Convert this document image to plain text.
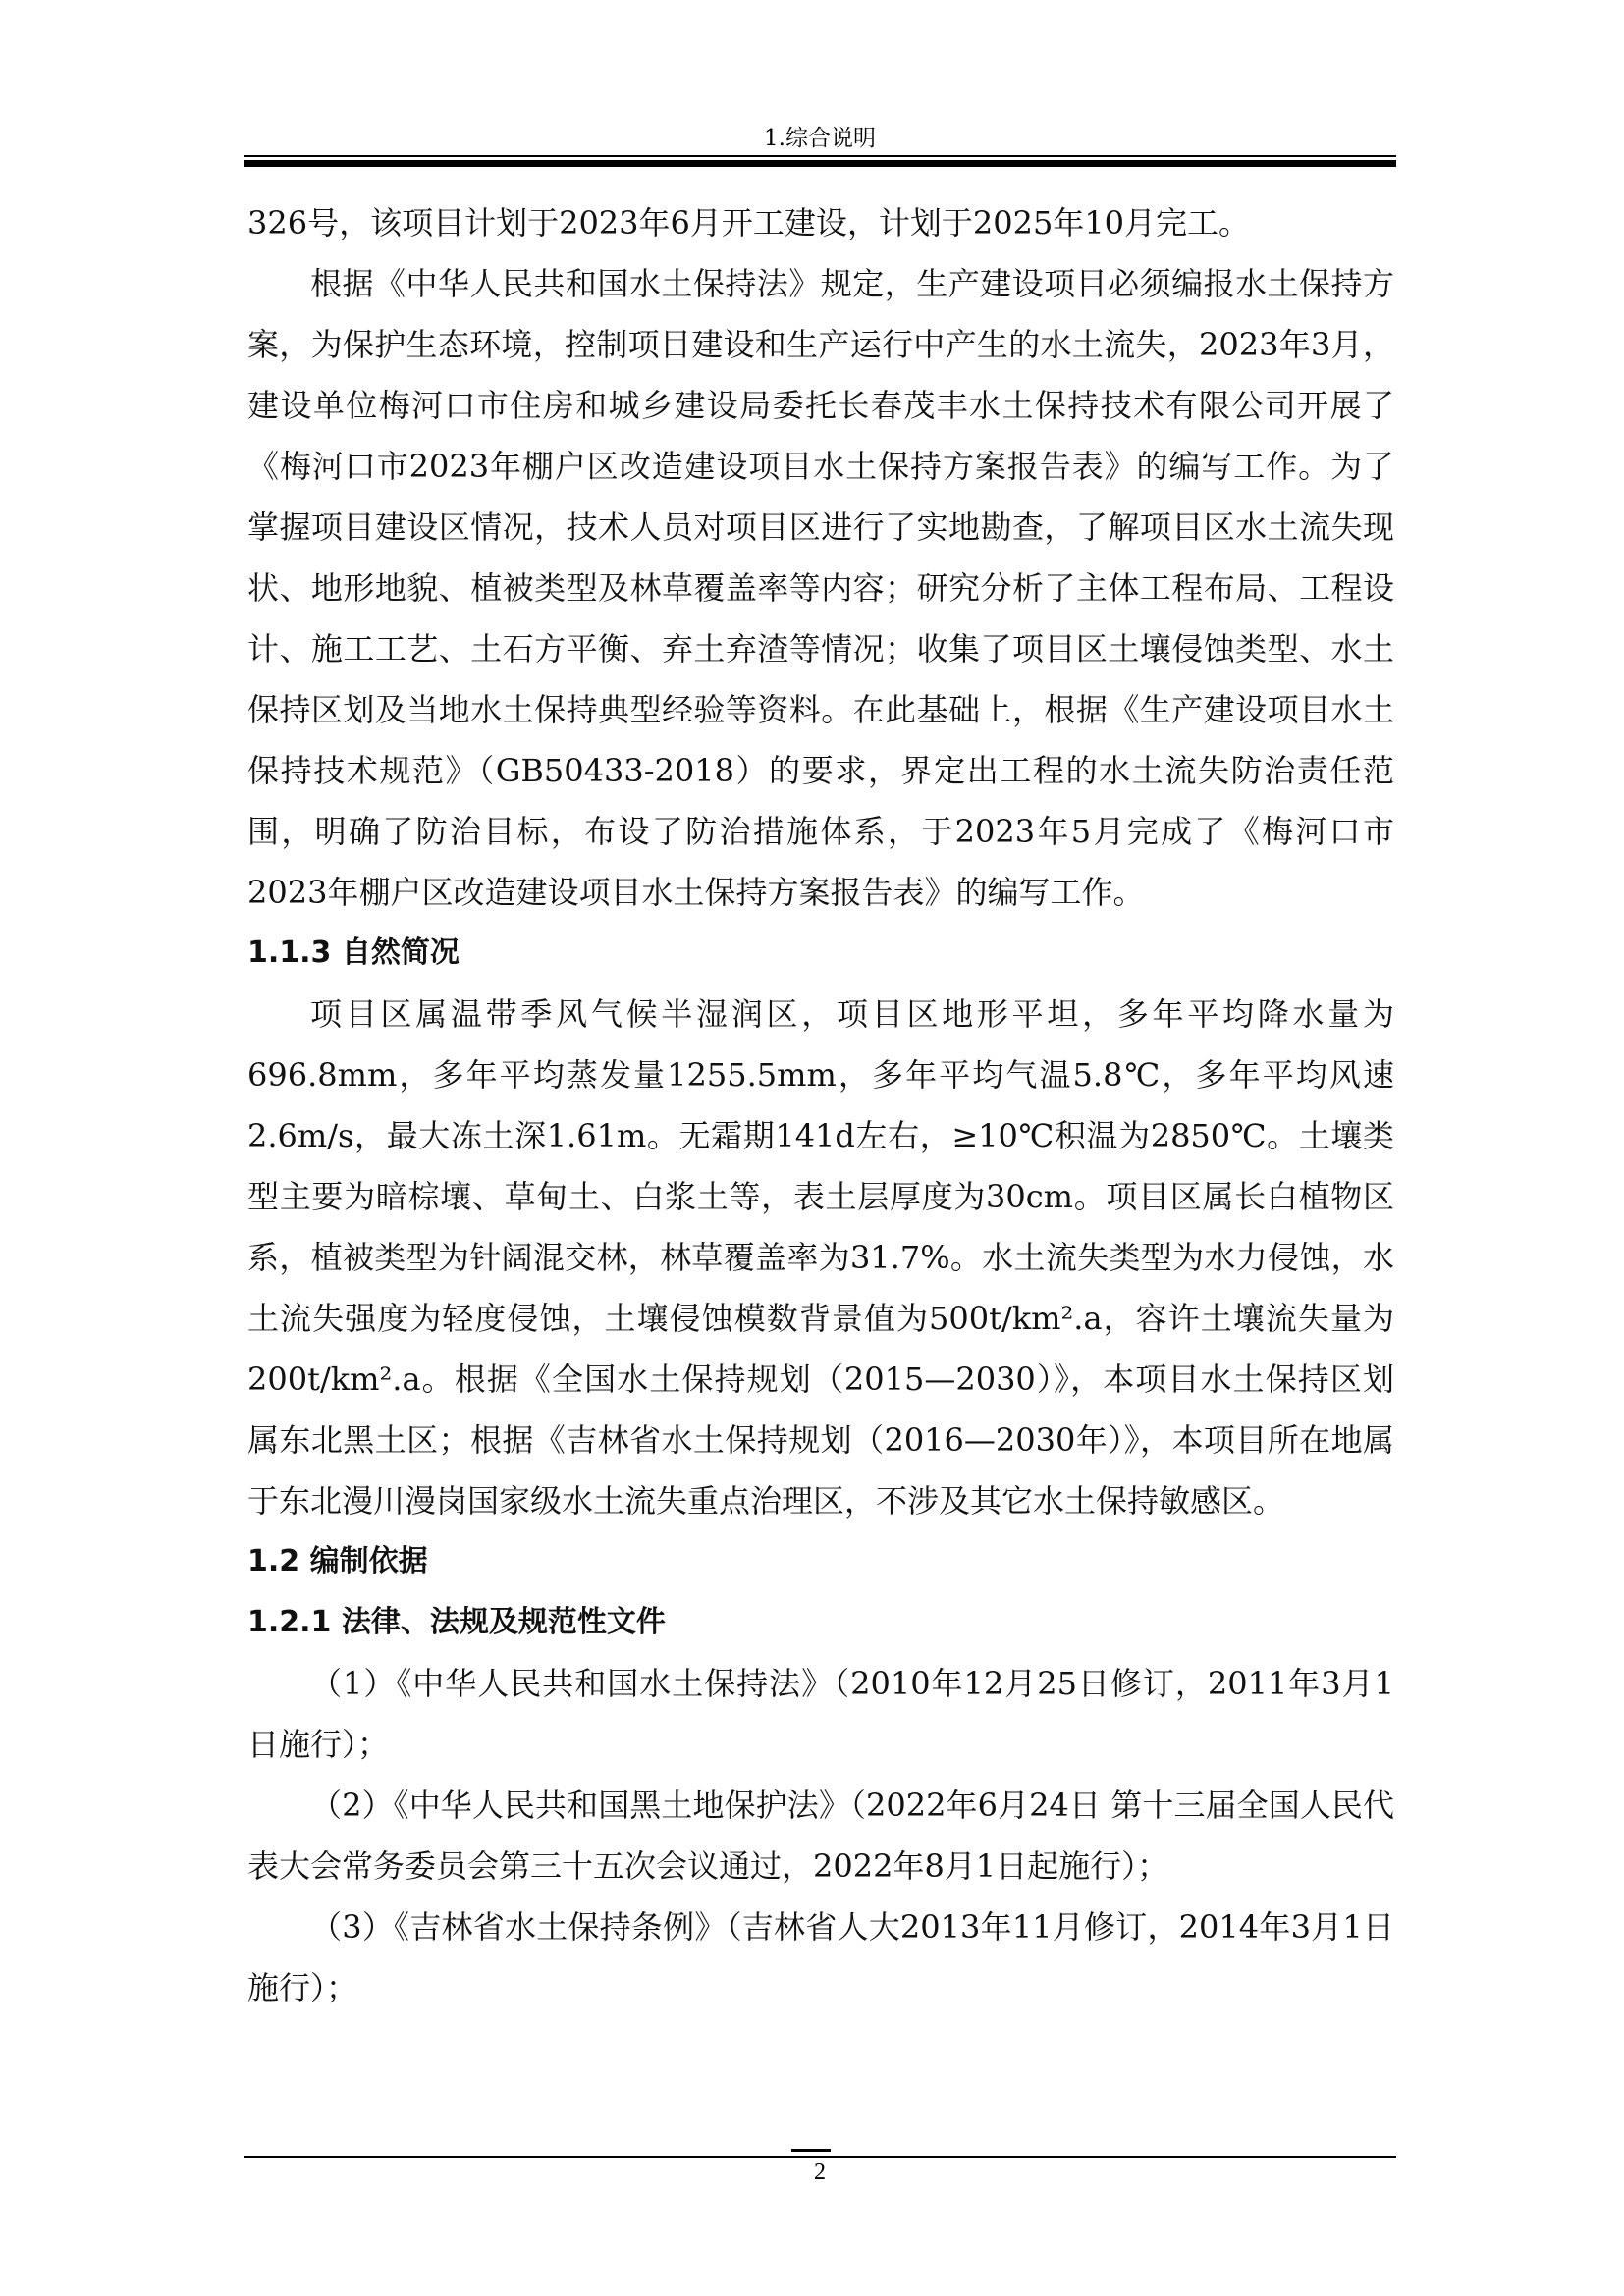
1.综合说明

326号，该项目计划于2023年6月开工建设，计划于2025年10月完工。

根据《中华人民共和国水土保持法》规定，生产建设项目必须编报水土保持方案，为保护生态环境，控制项目建设和生产运行中产生的水土流失，2023年3月，建设单位梅河口市住房和城乡建设局委托长春茂丰水土保持技术有限公司开展了《梅河口市2023年棚户区改造建设项目水土保持方案报告表》的编写工作。为了掌握项目建设区情况，技术人员对项目区进行了实地勘查，了解项目区水土流失现状、地形地貌、植被类型及林草覆盖率等内容；研究分析了主体工程布局、工程设计、施工工艺、土石方平衡、弃土弃渣等情况；收集了项目区土壤侵蚀类型、水土保持区划及当地水土保持典型经验等资料。在此基础上，根据《生产建设项目水土保持技术规范》（GB50433-2018）的要求，界定出工程的水土流失防治责任范围，明确了防治目标，布设了防治措施体系，于2023年5月完成了《梅河口市2023年棚户区改造建设项目水土保持方案报告表》的编写工作。

1.1.3 自然简况

项目区属温带季风气候半湿润区，项目区地形平坦，多年平均降水量为696.8mm，多年平均蒸发量1255.5mm，多年平均气温5.8℃，多年平均风速2.6m/s，最大冻土深1.61m。无霜期141d左右，≥10℃积温为2850℃。土壤类型主要为暗棕壤、草甸土、白浆土等，表土层厚度为30cm。项目区属长白植物区系，植被类型为针阔混交林，林草覆盖率为31.7%。水土流失类型为水力侵蚀，水土流失强度为轻度侵蚀，土壤侵蚀模数背景值为500t/km².a，容许土壤流失量为200t/km².a。根据《全国水土保持规划（2015—2030）》，本项目水土保持区划属东北黑土区；根据《吉林省水土保持规划（2016—2030年）》，本项目所在地属于东北漫川漫岗国家级水土流失重点治理区，不涉及其它水土保持敏感区。

1.2 编制依据

1.2.1 法律、法规及规范性文件

（1）《中华人民共和国水土保持法》（2010年12月25日修订，2011年3月1日施行）；

（2）《中华人民共和国黑土地保护法》（2022年6月24日 第十三届全国人民代表大会常务委员会第三十五次会议通过，2022年8月1日起施行）；

（3）《吉林省水土保持条例》（吉林省人大2013年11月修订，2014年3月1日施行）；

2
